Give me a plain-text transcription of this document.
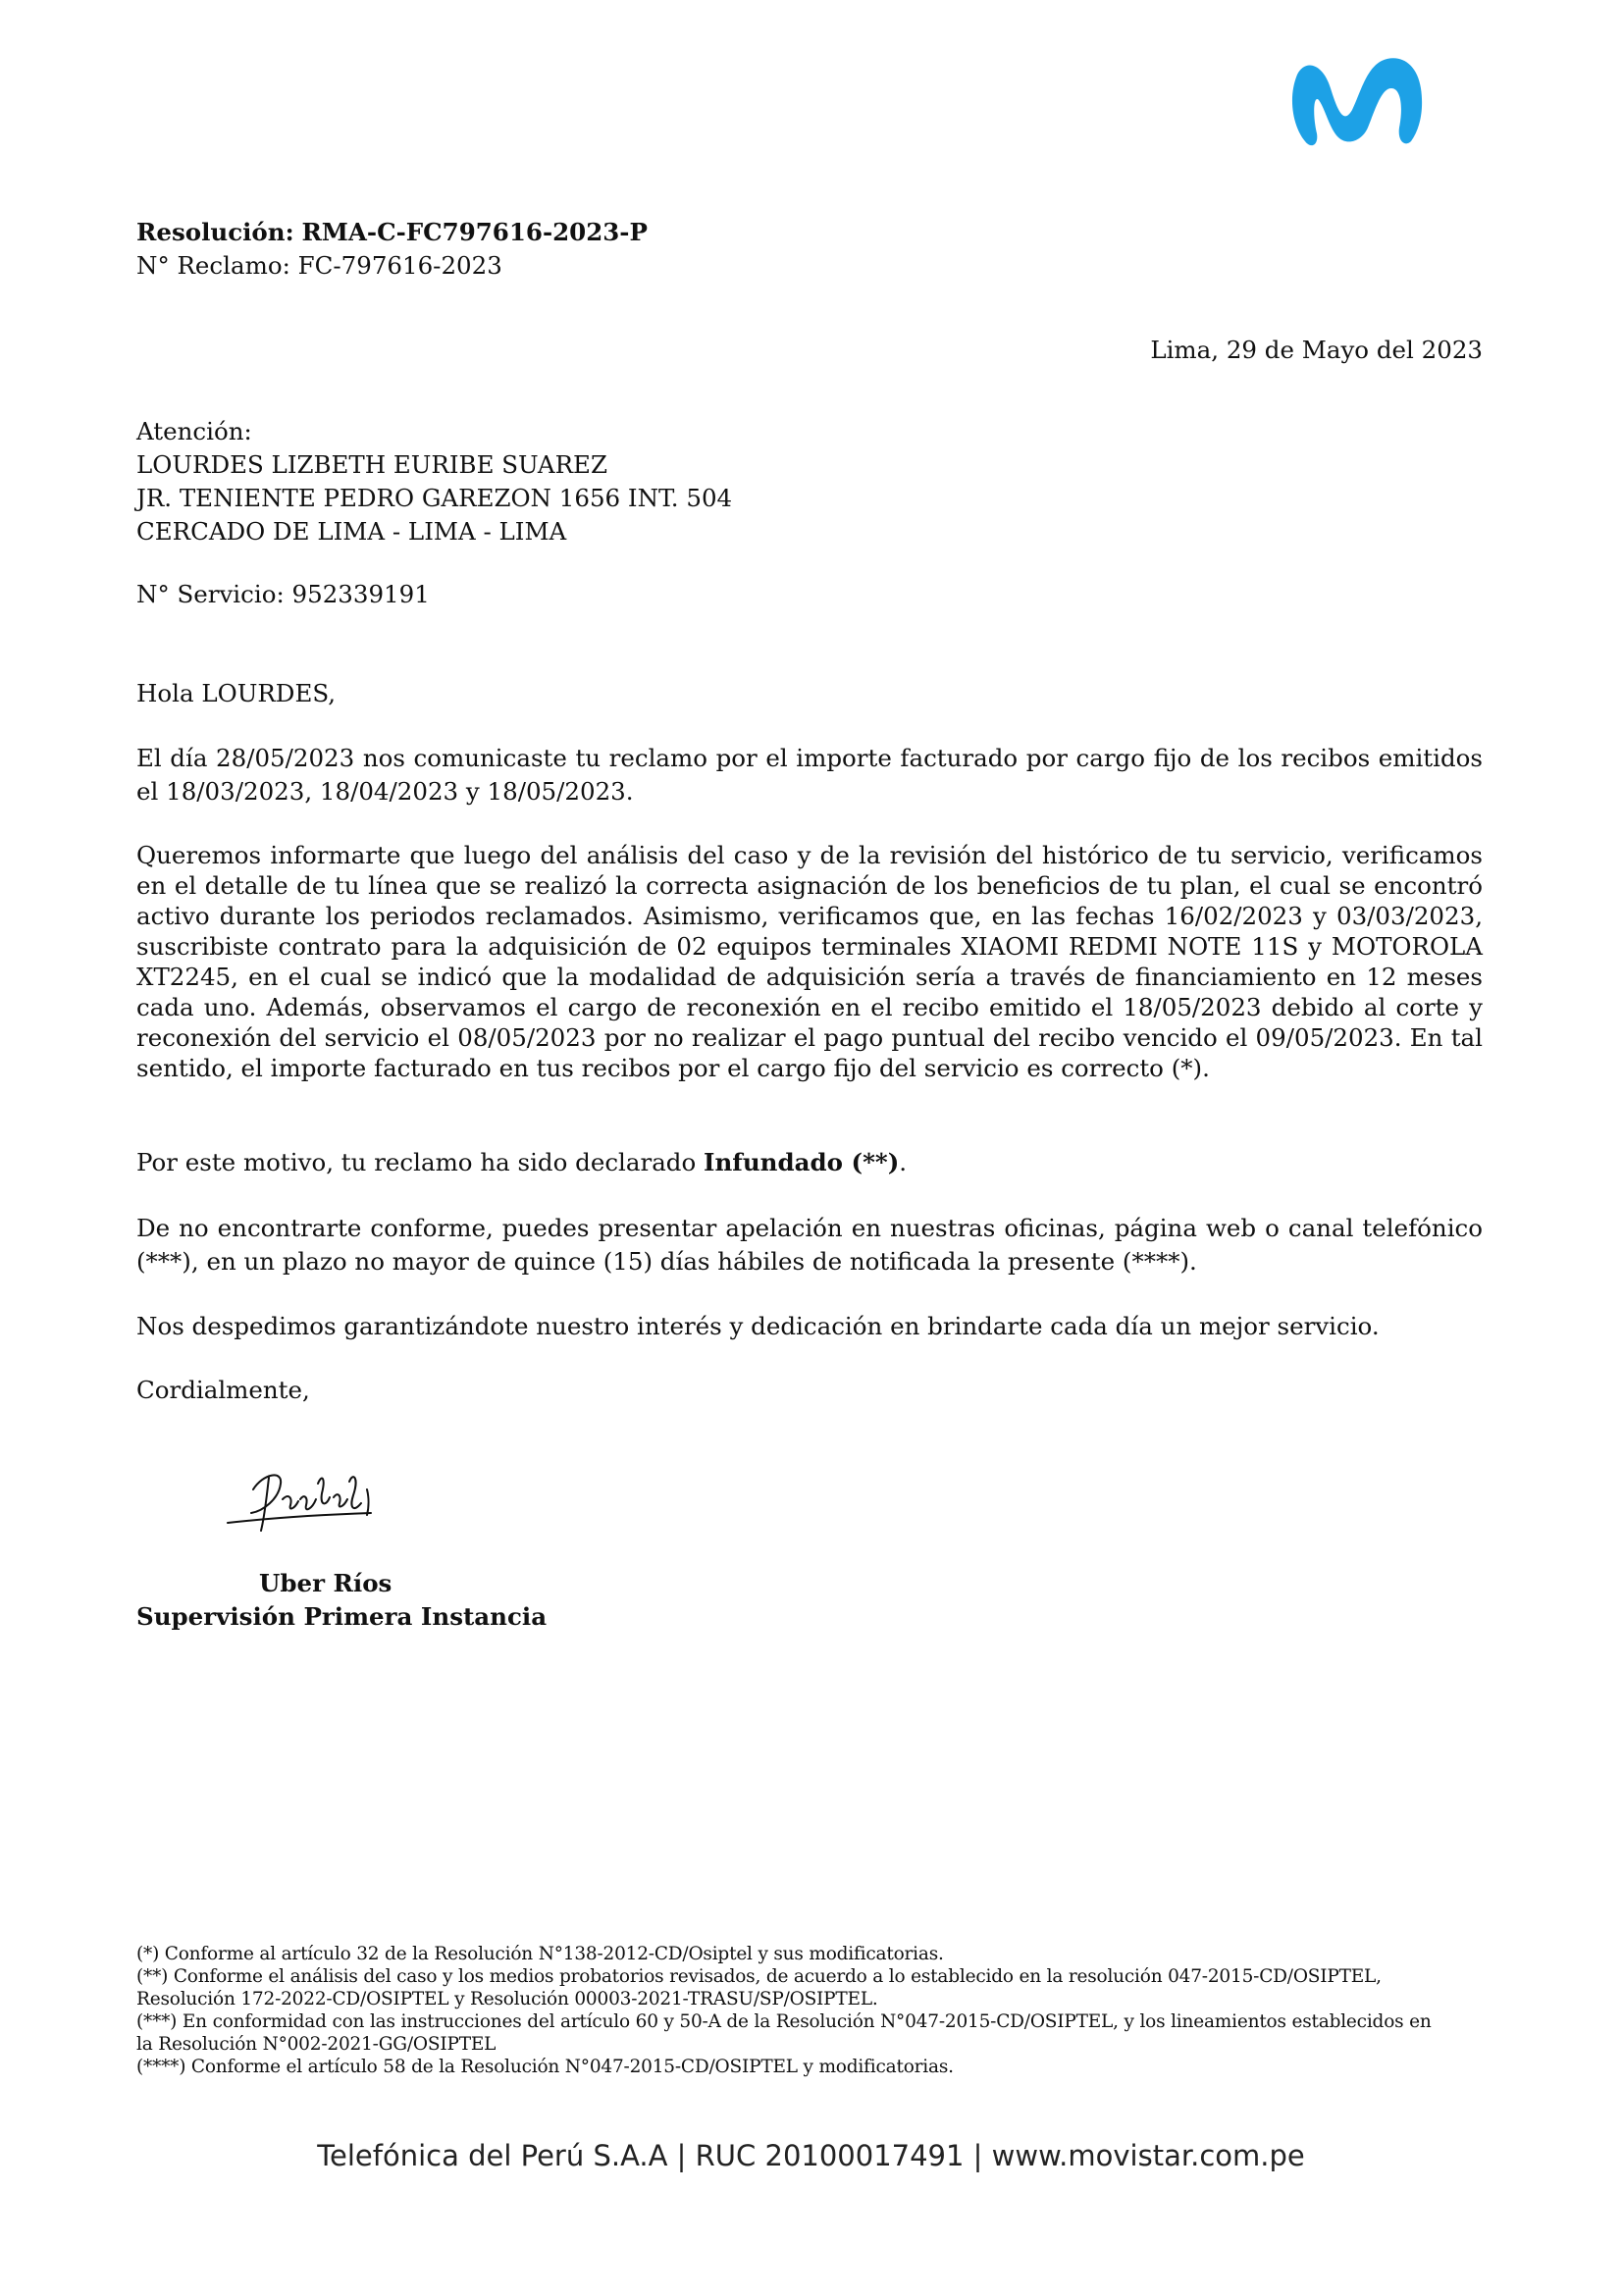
Resolución: RMA-C-FC797616-2023-P
N° Reclamo: FC-797616-2023
Lima, 29 de Mayo del 2023
Atención:
LOURDES LIZBETH EURIBE SUAREZ
JR. TENIENTE PEDRO GAREZON 1656 INT. 504
CERCADO DE LIMA - LIMA - LIMA
N° Servicio: 952339191
Hola LOURDES,
El día 28/05/2023 nos comunicaste tu reclamo por el importe facturado por cargo fijo de los recibos emitidos el 18/03/2023, 18/04/2023 y 18/05/2023.
Queremos informarte que luego del análisis del caso y de la revisión del histórico de tu servicio, verificamos en el detalle de tu línea que se realizó la correcta asignación de los beneficios de tu plan, el cual se encontró activo durante los periodos reclamados. Asimismo, verificamos que, en las fechas 16/02/2023 y 03/03/2023, suscribiste contrato para la adquisición de 02 equipos terminales XIAOMI REDMI NOTE 11S y MOTOROLA XT2245, en el cual se indicó que la modalidad de adquisición sería a través de financiamiento en 12 meses cada uno. Además, observamos el cargo de reconexión en el recibo emitido el 18/05/2023 debido al corte y reconexión del servicio el 08/05/2023 por no realizar el pago puntual del recibo vencido el 09/05/2023. En tal sentido, el importe facturado en tus recibos por el cargo fijo del servicio es correcto (*).
Por este motivo, tu reclamo ha sido declarado Infundado (**).
De no encontrarte conforme, puedes presentar apelación en nuestras oficinas, página web o canal telefónico (***), en un plazo no mayor de quince (15) días hábiles de notificada la presente (****).
Nos despedimos garantizándote nuestro interés y dedicación en brindarte cada día un mejor servicio.
Cordialmente,
Uber Ríos
Supervisión Primera Instancia
(*) Conforme al artículo 32 de la Resolución N°138-2012-CD/Osiptel y sus modificatorias.
(**) Conforme el análisis del caso y los medios probatorios revisados, de acuerdo a lo establecido en la resolución 047-2015-CD/OSIPTEL,
Resolución 172-2022-CD/OSIPTEL y Resolución 00003-2021-TRASU/SP/OSIPTEL.
(***) En conformidad con las instrucciones del artículo 60 y 50-A de la Resolución N°047-2015-CD/OSIPTEL, y los lineamientos establecidos en
la Resolución N°002-2021-GG/OSIPTEL
(****) Conforme el artículo 58 de la Resolución N°047-2015-CD/OSIPTEL y modificatorias.
Telefónica del Perú S.A.A | RUC 20100017491 | www.movistar.com.pe
